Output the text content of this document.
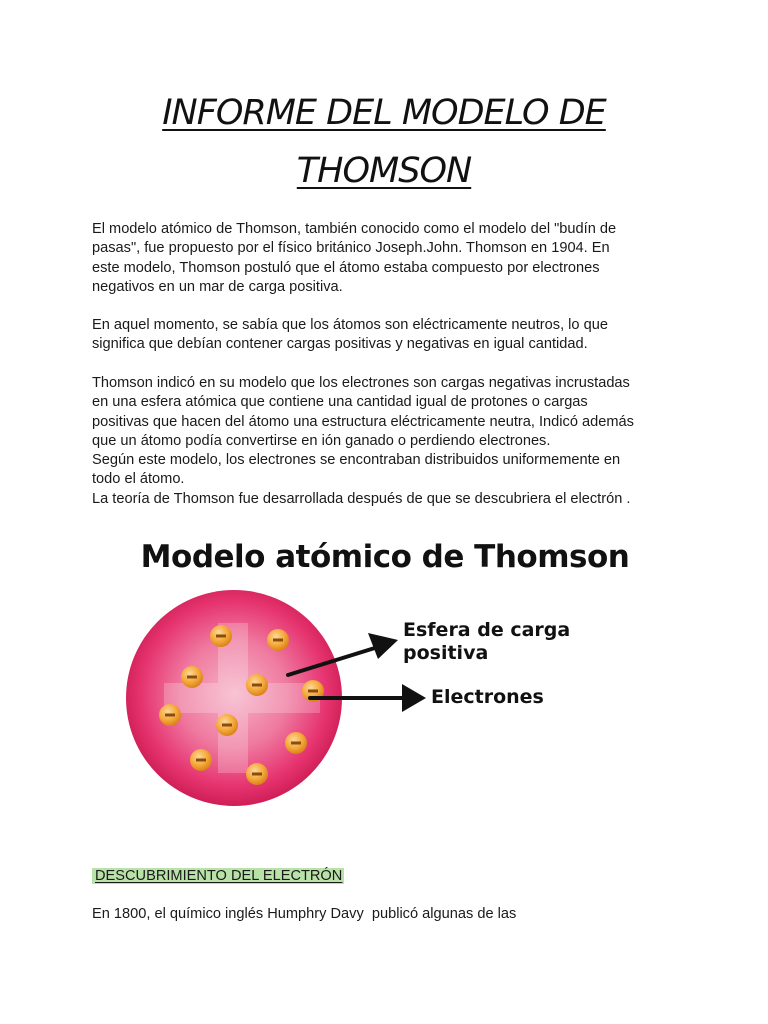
INFORME DEL MODELO DE
THOMSON

El modelo atómico de Thomson, también conocido como el modelo del "budín de

pasas", fue propuesto por el físico británico Joseph.John. Thomson en 1904. En

este modelo, Thomson postuló que el átomo estaba compuesto por electrones

negativos en un mar de carga positiva.

En aquel momento, se sabía que los átomos son eléctricamente neutros, lo que

significa que debían contener cargas positivas y negativas en igual cantidad.

Thomson indicó en su modelo que los electrones son cargas negativas incrustadas

en una esfera atómica que contiene una cantidad igual de protones o cargas

positivas que hacen del átomo una estructura eléctricamente neutra, Indicó además

que un átomo podía convertirse en ión ganado o perdiendo electrones.

Según este modelo, los electrones se encontraban distribuidos uniformemente en

todo el átomo.

La teoría de Thomson fue desarrollada después de que se descubriera el electrón .

Modelo atómico de Thomson
Esfera de carga
positiva
Electrones
DESCUBRIMIENTO DEL ELECTRÓN
En 1800, el químico inglés Humphry Davy  publicó algunas de las
